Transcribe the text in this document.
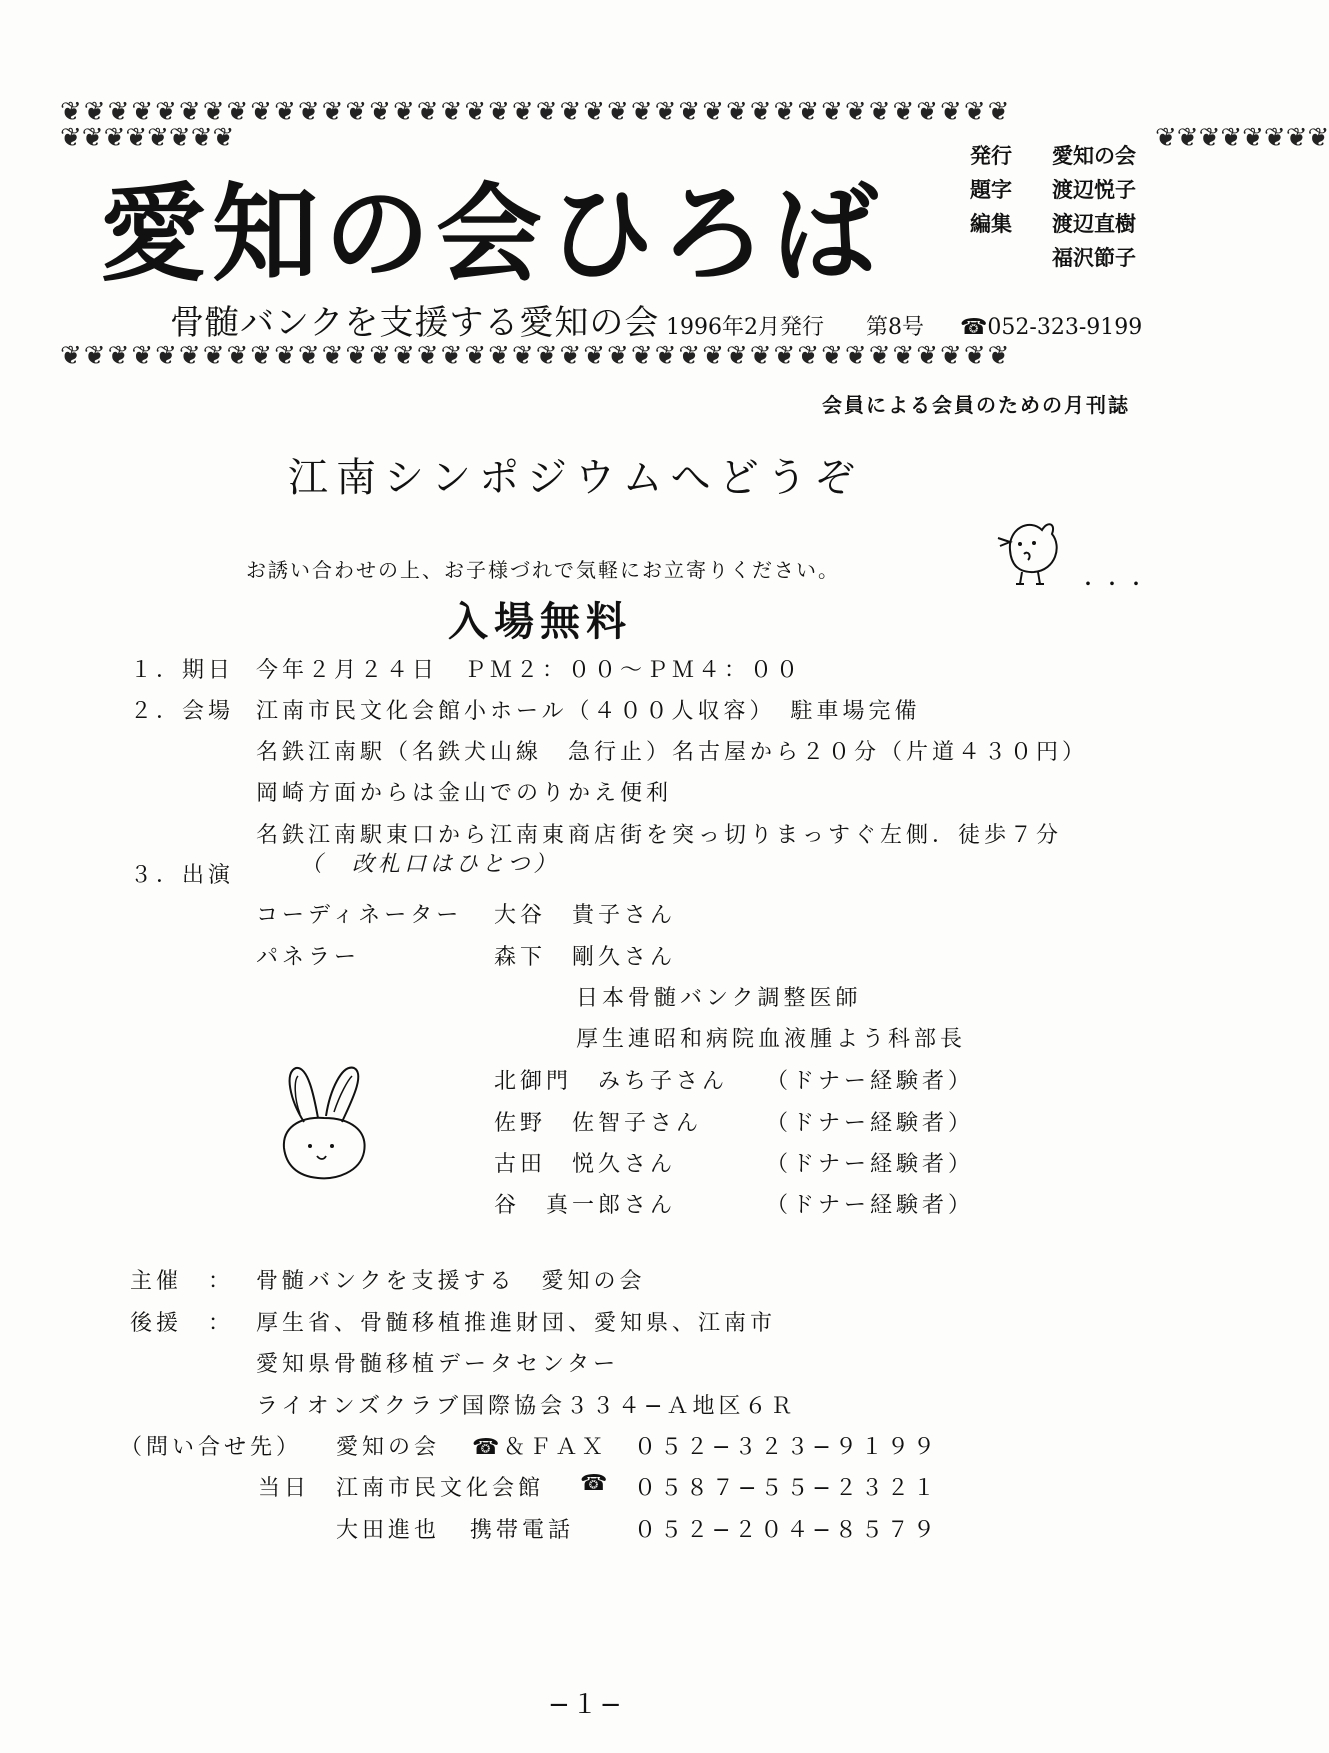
❦❦❦❦❦❦❦❦❦❦❦❦❦❦❦❦❦❦❦❦❦❦❦❦❦❦❦❦❦❦❦❦❦❦❦❦❦❦❦❦
❦❦❦❦❦❦❦❦	❦❦❦❦❦❦❦❦
❦❦❦❦❦❦❦❦❦❦❦❦❦❦❦❦❦❦❦❦❦❦❦❦❦❦❦❦❦❦❦❦❦❦❦❦❦❦❦❦
愛知の会ひろば
骨髄バンクを支援する愛知の会
発行 愛知の会
題字 渡辺悦子
編集 渡辺直樹
福沢節子
1996年2月発行 第8号 ☎052-323-9199
会員による会員のための月刊誌
江南シンポジウムへどうぞ
お誘い合わせの上、お子様づれで気軽にお立寄りください。
・・・
入場無料
１．期日 今年２月２４日　ＰＭ２：００〜ＰＭ４：００
２．会場 江南市民文化会館小ホール（４００人収容）　駐車場完備
名鉄江南駅（名鉄犬山線　急行止）名古屋から２０分（片道４３０円）
岡崎方面からは金山でのりかえ便利
名鉄江南駅東口から江南東商店街を突っ切りまっすぐ左側．徒歩７分
（　改札口はひとつ）
３．出演
コーディネーター 大谷　貴子さん
パネラー	森下　剛久さん
日本骨髄バンク調整医師
厚生連昭和病院血液腫よう科部長
北御門　みち子さん （ドナー経験者）
佐野　佐智子さん	（ドナー経験者）
古田　悦久さん	（ドナー経験者）
谷　真一郎さん	（ドナー経験者）
主催　： 骨髄バンクを支援する　愛知の会
後援　： 厚生省、骨髄移植推進財団、愛知県、江南市
愛知県骨髄移植データセンター
ライオンズクラブ国際協会３３４−Ａ地区６Ｒ
（問い合せ先） 愛知の会 ☎＆ＦＡＸ ０５２−３２３−９１９９
当日 江南市民文化会館 ☎ ０５８７−５５−２３２１
大田進也 携帯電話	０５２−２０４−８５７９
−１−
